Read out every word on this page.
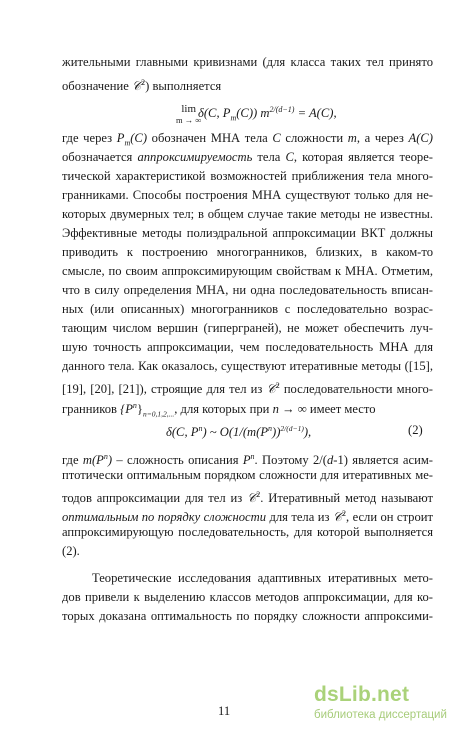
жительными главными кривизнами (для класса таких тел принято
обозначение 𝒞$^2$) выполняется
lim
m → ∞
δ(C, $P_m(C)$) $m^{2/(d-1)} = A(C)$,
где через $P_m(C)$ обозначен МНА тела C сложности m, а через A(C)
обозначается аппроксимируемость тела C, которая является теоре-
тической характеристикой возможностей приближения тела много-
гранниками. Способы построения МНА существуют только для не-
которых двумерных тел; в общем случае такие методы не известны.
Эффективные методы полиэдральной аппроксимации ВКТ должны
приводить к построению многогранников, близких, в каком-то
смысле, по своим аппроксимирующим свойствам к МНА. Отметим,
что в силу определения МНА, ни одна последовательность вписан-
ных (или описанных) многогранников с последовательно возрас-
тающим числом вершин (гиперграней), не может обеспечить луч-
шую точность аппроксимации, чем последовательность МНА для
данного тела. Как оказалось, существуют итеративные методы ([15],
[19], [20], [21]), строящие для тел из 𝒞$^2$ последовательности много-
гранников $\{P^n\}_{n=0,1,2,...}$, для которых при n → ∞ имеет место
δ(C, $P^n$) ~ $O(1/(m(P^n))^{2/(d-1)})$,	(2)
где $m(P^n)$ – сложность описания $P^n$. Поэтому 2/(d-1) является асим-
птотически оптимальным порядком сложности для итеративных ме-
тодов аппроксимации для тел из 𝒞$^2$. Итеративный метод называют
оптимальным по порядку сложности для тела из 𝒞$^2$, если он строит
аппроксимирующую последовательность, для которой выполняется
(2).
Теоретические исследования адаптивных итеративных мето-
дов привели к выделению классов методов аппроксимации, для ко-
торых доказана оптимальность по порядку сложности аппроксими-
11
dsLib.net
библиотека диссертаций
